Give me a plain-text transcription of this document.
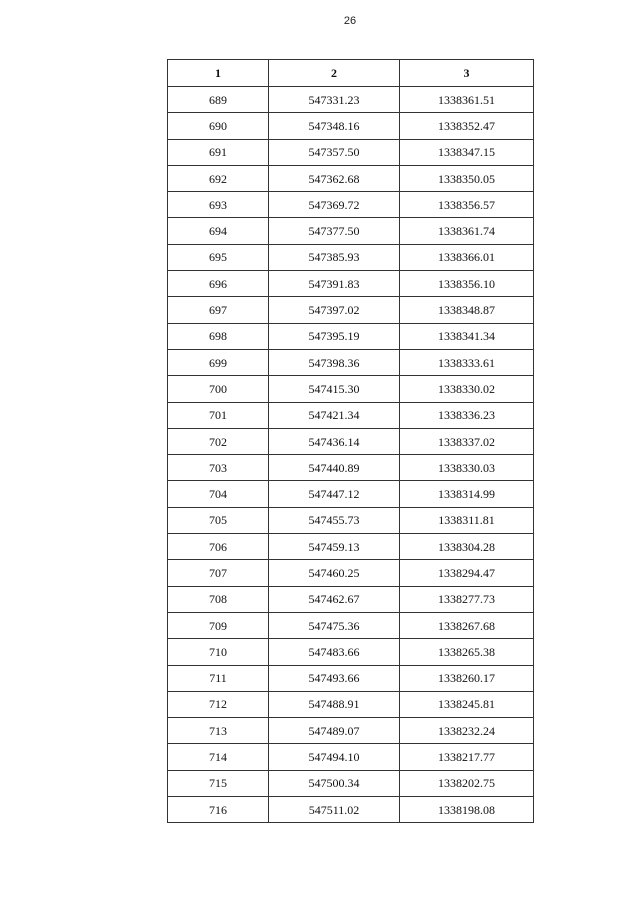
26
1	2	3
689	547331.23	1338361.51
690	547348.16	1338352.47
691	547357.50	1338347.15
692	547362.68	1338350.05
693	547369.72	1338356.57
694	547377.50	1338361.74
695	547385.93	1338366.01
696	547391.83	1338356.10
697	547397.02	1338348.87
698	547395.19	1338341.34
699	547398.36	1338333.61
700	547415.30	1338330.02
701	547421.34	1338336.23
702	547436.14	1338337.02
703	547440.89	1338330.03
704	547447.12	1338314.99
705	547455.73	1338311.81
706	547459.13	1338304.28
707	547460.25	1338294.47
708	547462.67	1338277.73
709	547475.36	1338267.68
710	547483.66	1338265.38
711	547493.66	1338260.17
712	547488.91	1338245.81
713	547489.07	1338232.24
714	547494.10	1338217.77
715	547500.34	1338202.75
716	547511.02	1338198.08
